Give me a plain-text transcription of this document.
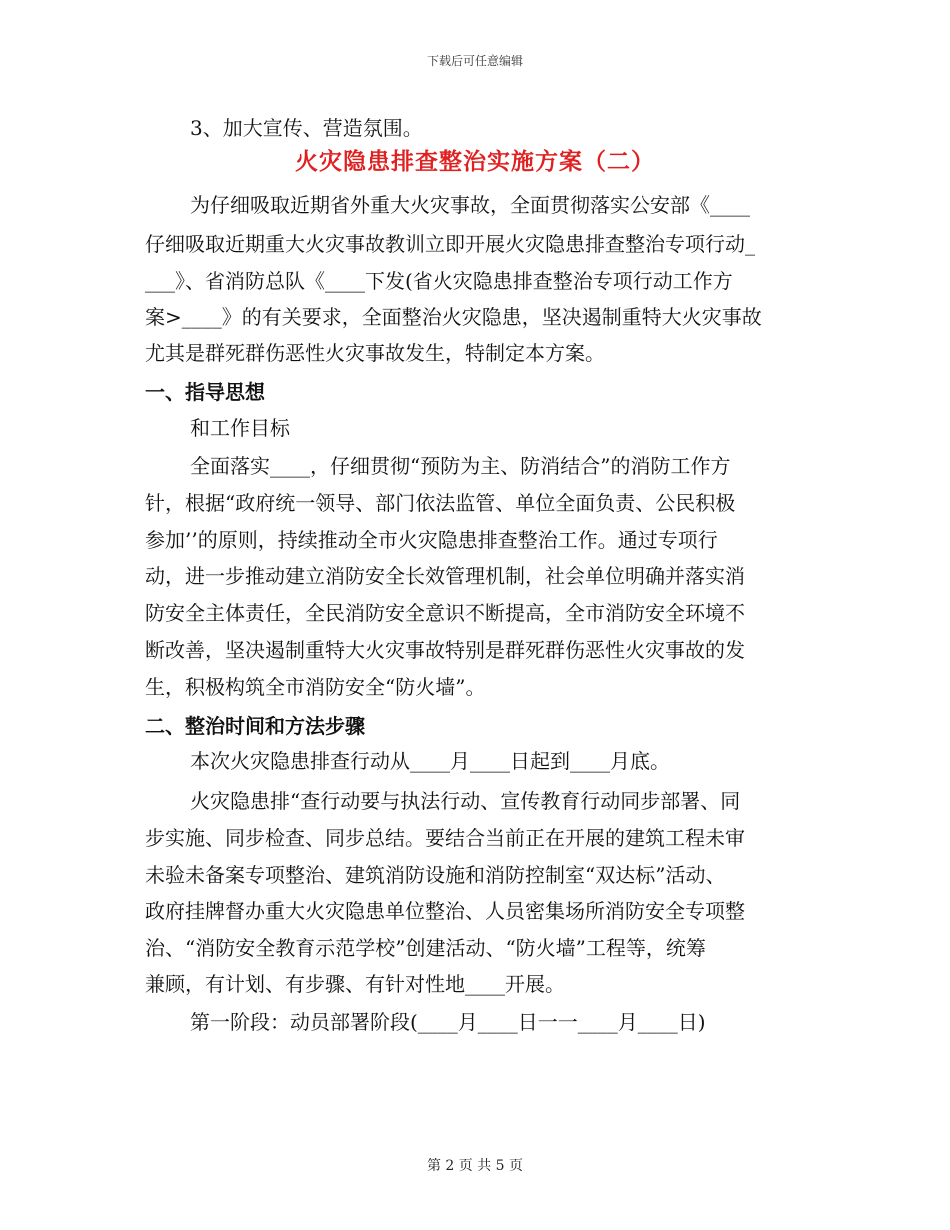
下载后可任意编辑
3、加大宣传、营造氛围。
火灾隐患排查整治实施方案（二）
为仔细吸取近期省外重大火灾事故，全面贯彻落实公安部《____
仔细吸取近期重大火灾事故教训立即开展火灾隐患排查整治专项行动_
___》、省消防总队《____下发(省火灾隐患排查整治专项行动工作方
案>____》的有关要求，全面整治火灾隐患，坚决遏制重特大火灾事故
尤其是群死群伤恶性火灾事故发生，特制定本方案。
一、指导思想
和工作目标
全面落实____，仔细贯彻“预防为主、防消结合”的消防工作方
针，根据“政府统一领导、部门依法监管、单位全面负责、公民积极
参加’’的原则，持续推动全市火灾隐患排查整治工作。通过专项行
动，进一步推动建立消防安全长效管理机制，社会单位明确并落实消
防安全主体责任，全民消防安全意识不断提高，全市消防安全环境不
断改善，坚决遏制重特大火灾事故特别是群死群伤恶性火灾事故的发
生，积极构筑全市消防安全“防火墙”。
二、整治时间和方法步骤
本次火灾隐患排查行动从____月____日起到____月底。
火灾隐患排“查行动要与执法行动、宣传教育行动同步部署、同
步实施、同步检查、同步总结。要结合当前正在开展的建筑工程未审
未验未备案专项整治、建筑消防设施和消防控制室“双达标”活动、
政府挂牌督办重大火灾隐患单位整治、人员密集场所消防安全专项整
治、“消防安全教育示范学校”创建活动、“防火墙”工程等，统筹
兼顾，有计划、有步骤、有针对性地____开展。
第一阶段：动员部署阶段(____月____日一一____月____日)
第 2 页 共 5 页
